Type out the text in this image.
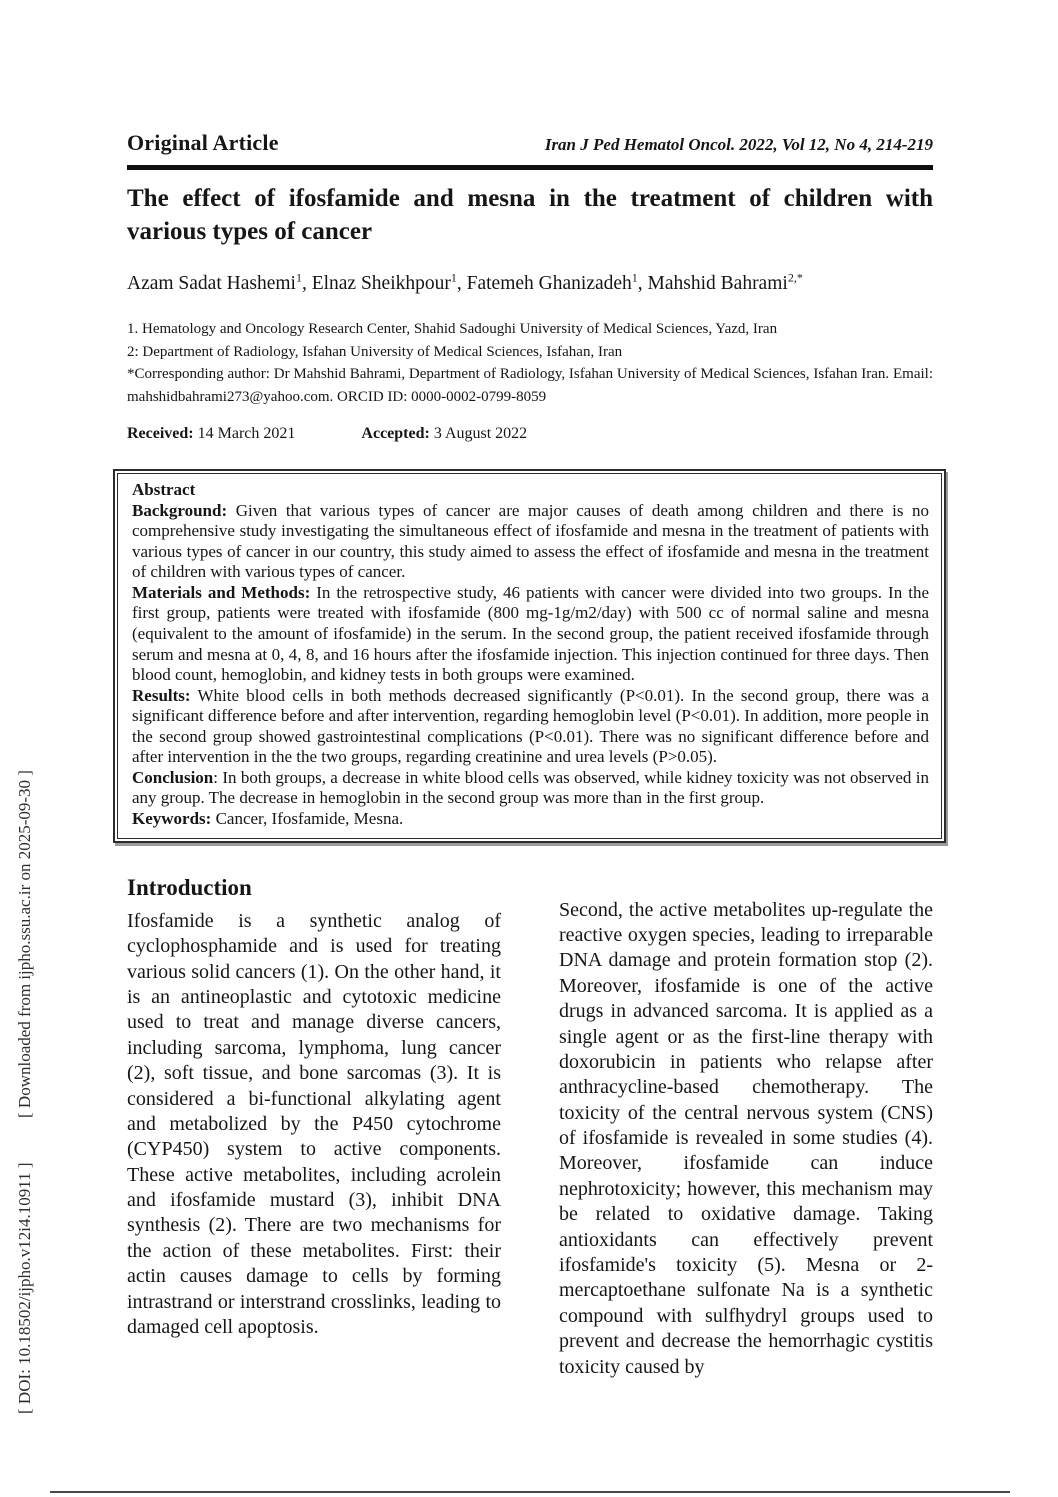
[ Downloaded from ijpho.ssu.ac.ir on 2025-09-30 ]
[ DOI: 10.18502/ijpho.v12i4.10911 ]
Original Article	Iran J Ped Hematol Oncol. 2022, Vol 12, No 4, 214-219
The effect of ifosfamide and mesna in the treatment of children with various types of cancer
Azam Sadat Hashemi$^1$, Elnaz Sheikhpour$^1$, Fatemeh Ghanizadeh$^1$, Mahshid Bahrami$^{2,*}$

1. Hematology and Oncology Research Center, Shahid Sadoughi University of Medical Sciences, Yazd, Iran

2: Department of Radiology, Isfahan University of Medical Sciences, Isfahan, Iran

*Corresponding author: Dr Mahshid Bahrami, Department of Radiology, Isfahan University of Medical Sciences, Isfahan Iran. Email: mahshidbahrami273@yahoo.com. ORCID ID: 0000-0002-0799-8059

Received: 14 March 2021	Accepted: 3 August 2022

Abstract

Background: Given that various types of cancer are major causes of death among children and there is no comprehensive study investigating the simultaneous effect of ifosfamide and mesna in the treatment of patients with various types of cancer in our country, this study aimed to assess the effect of ifosfamide and mesna in the treatment of children with various types of cancer.

Materials and Methods: In the retrospective study, 46 patients with cancer were divided into two groups. In the first group, patients were treated with ifosfamide (800 mg-1g/m2/day) with 500 cc of normal saline and mesna (equivalent to the amount of ifosfamide) in the serum. In the second group, the patient received ifosfamide through serum and mesna at 0, 4, 8, and 16 hours after the ifosfamide injection. This injection continued for three days. Then blood count, hemoglobin, and kidney tests in both groups were examined.

Results: White blood cells in both methods decreased significantly (P<0.01). In the second group, there was a significant difference before and after intervention, regarding hemoglobin level (P<0.01). In addition, more people in the second group showed gastrointestinal complications (P<0.01). There was no significant difference before and after intervention in the the two groups, regarding creatinine and urea levels (P>0.05).

Conclusion: In both groups, a decrease in white blood cells was observed, while kidney toxicity was not observed in any group. The decrease in hemoglobin in the second group was more than in the first group.

Keywords: Cancer, Ifosfamide, Mesna.

Introduction

Ifosfamide is a synthetic analog of cyclophosphamide and is used for treating various solid cancers (1). On the other hand, it is an antineoplastic and cytotoxic medicine used to treat and manage diverse cancers, including sarcoma, lymphoma, lung cancer (2), soft tissue, and bone sarcomas (3). It is considered a bi-functional alkylating agent and metabolized by the P450 cytochrome (CYP450) system to active components. These active metabolites, including acrolein and ifosfamide mustard (3), inhibit DNA synthesis (2). There are two mechanisms for the action of these metabolites. First: their actin causes damage to cells by forming intrastrand or interstrand crosslinks, leading to damaged cell apoptosis.

Second, the active metabolites up-regulate the reactive oxygen species, leading to irreparable DNA damage and protein formation stop (2). Moreover, ifosfamide is one of the active drugs in advanced sarcoma. It is applied as a single agent or as the first-line therapy with doxorubicin in patients who relapse after anthracycline-based chemotherapy. The toxicity of the central nervous system (CNS) of ifosfamide is revealed in some studies (4). Moreover, ifosfamide can induce nephrotoxicity; however, this mechanism may be related to oxidative damage. Taking antioxidants can effectively prevent ifosfamide's toxicity (5). Mesna or 2-mercaptoethane sulfonate Na is a synthetic compound with sulfhydryl groups used to prevent and decrease the hemorrhagic cystitis toxicity caused by
